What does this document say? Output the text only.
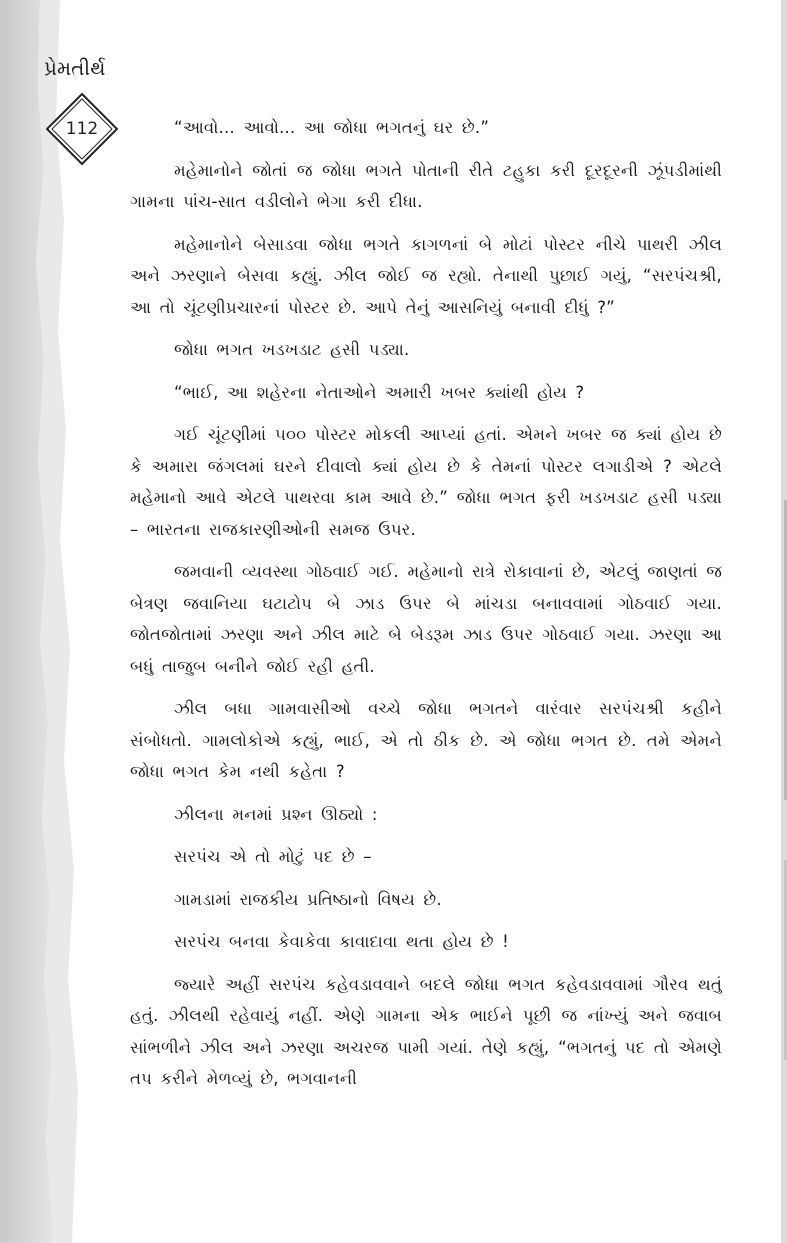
પ્રેમતીર્થ
112	“આવો... આવો... આ જોધા ભગતનું ઘર છે.”

મહેમાનોને જોતાં જ જોધા ભગતે પોતાની રીતે ટહુકા કરી દૂરદૂરની ઝૂંપડીમાંથી ગામના પાંચ-સાત વડીલોને ભેગા કરી દીધા.

મહેમાનોને બેસાડવા જોધા ભગતે કાગળનાં બે મોટાં પોસ્ટર નીચે પાથરી ઝીલ અને ઝરણાને બેસવા કહ્યું. ઝીલ જોઈ જ રહ્યો. તેનાથી પુછાઈ ગયું, “સરપંચશ્રી, આ તો ચૂંટણીપ્રચારનાં પોસ્ટર છે. આપે તેનું આસનિયું બનાવી દીધું ?”

જોધા ભગત ખડખડાટ હસી પડ્યા.

“ભાઈ, આ શહેરના નેતાઓને અમારી ખબર ક્યાંથી હોય ?

ગઈ ચૂંટણીમાં ૫૦૦ પોસ્ટર મોકલી આપ્યાં હતાં. એમને ખબર જ ક્યાં હોય છે કે અમારા જંગલમાં ઘરને દીવાલો ક્યાં હોય છે કે તેમનાં પોસ્ટર લગાડીએ ? એટલે મહેમાનો આવે એટલે પાથરવા કામ આવે છે.” જોધા ભગત ફરી ખડખડાટ હસી પડ્યા – ભારતના રાજકારણીઓની સમજ ઉપર.

જમવાની વ્યવસ્થા ગોઠવાઈ ગઈ. મહેમાનો રાત્રે રોકાવાનાં છે, એટલું જાણતાં જ બેત્રણ જવાનિયા ઘટાટોપ બે ઝાડ ઉપર બે માંચડા બનાવવામાં ગોઠવાઈ ગયા. જોતજોતામાં ઝરણા અને ઝીલ માટે બે બેડરૂમ ઝાડ ઉપર ગોઠવાઈ ગયા. ઝરણા આ બધું તાજુબ બનીને જોઈ રહી હતી.

ઝીલ બધા ગામવાસીઓ વચ્ચે જોધા ભગતને વારંવાર સરપંચશ્રી કહીને સંબોધતો. ગામલોકોએ કહ્યું, ભાઈ, એ તો ઠીક છે. એ જોધા ભગત છે. તમે એમને જોધા ભગત કેમ નથી કહેતા ?

ઝીલના મનમાં પ્રશ્ન ઊઠ્યો :

સરપંચ એ તો મોટું પદ છે –

ગામડામાં રાજકીય પ્રતિષ્ઠાનો વિષય છે.

સરપંચ બનવા કેવાકેવા કાવાદાવા થતા હોય છે !

જ્યારે અહીં સરપંચ કહેવડાવવાને બદલે જોધા ભગત કહેવડાવવામાં ગૌરવ થતું હતું. ઝીલથી રહેવાયું નહીં. એણે ગામના એક ભાઈને પૂછી જ નાંખ્યું અને જવાબ સાંભળીને ઝીલ અને ઝરણા અચરજ પામી ગયાં. તેણે કહ્યું, “ભગતનું પદ તો એમણે તપ કરીને મેળવ્યું છે, ભગવાનની
